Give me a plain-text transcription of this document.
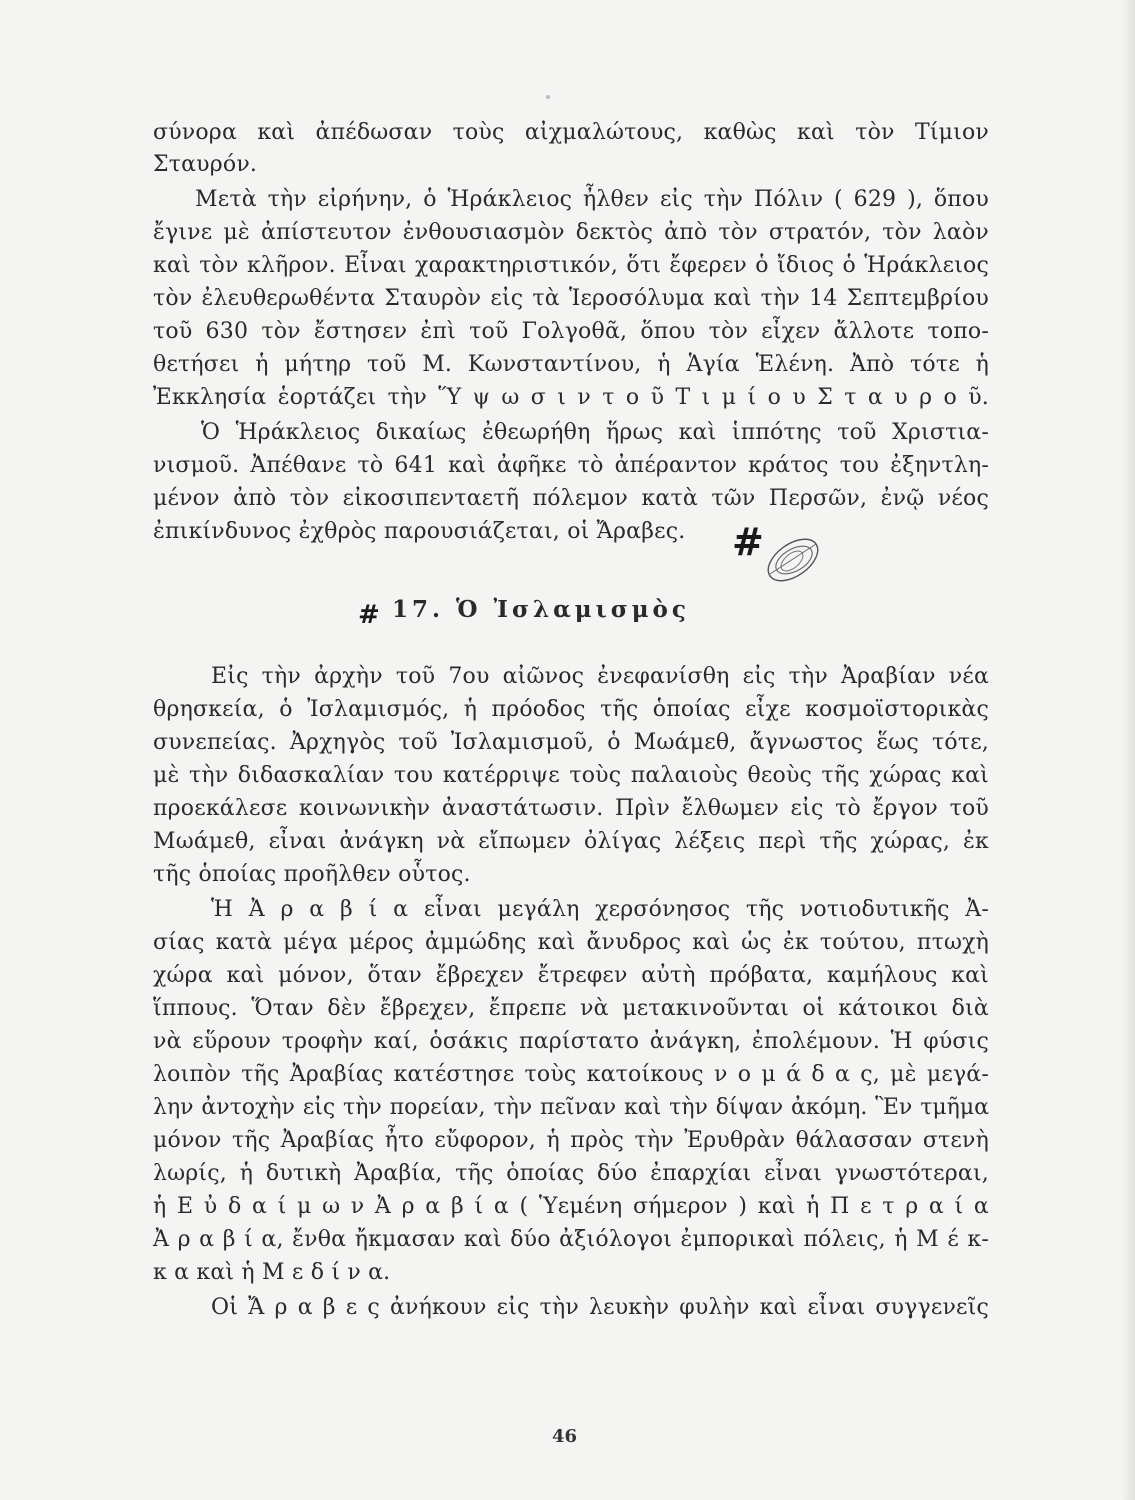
σύνορα καὶ ἀπέδωσαν τοὺς αἰχμαλώτους, καθὼς καὶ τὸν Τίμιον
Σταυρόν.
Μετὰ τὴν εἰρήνην, ὁ Ἡράκλειος ἦλθεν εἰς τὴν Πόλιν ( 629 ), ὅπου
ἔγινε μὲ ἀπίστευτον ἐνθουσιασμὸν δεκτὸς ἀπὸ τὸν στρατόν, τὸν λαὸν
καὶ τὸν κλῆρον. Εἶναι χαρακτηριστικόν, ὅτι ἔφερεν ὁ ἴδιος ὁ Ἡράκλειος
τὸν ἐλευθερωθέντα Σταυρὸν εἰς τὰ Ἱεροσόλυμα καὶ τὴν 14 Σεπτεμβρίου
τοῦ 630 τὸν ἔστησεν ἐπὶ τοῦ Γολγοθᾶ, ὅπου τὸν εἶχεν ἄλλοτε τοπο-
θετήσει ἡ μήτηρ τοῦ Μ. Κωνσταντίνου, ἡ Ἁγία Ἑλένη. Ἀπὸ τότε ἡ
Ἐκκλησία ἑορτάζει τὴν Ὕ ψ ω σ ι ν τ ο ῦ Τ ι μ ί ο υ Σ τ α υ ρ ο ῦ.
Ὁ Ἡράκλειος δικαίως ἐθεωρήθη ἥρως καὶ ἱππότης τοῦ Χριστια-
νισμοῦ. Ἀπέθανε τὸ 641 καὶ ἀφῆκε τὸ ἀπέραντον κράτος του ἐξηντλη-
μένον ἀπὸ τὸν εἰκοσιπενταετῆ πόλεμον κατὰ τῶν Περσῶν, ἐνῷ νέος
ἐπικίνδυνος ἐχθρὸς παρουσιάζεται, οἱ Ἄραβες.	#
# 17. Ὁ Ἰσλαμισμὸς
Εἰς τὴν ἀρχὴν τοῦ 7ου αἰῶνος ἐνεφανίσθη εἰς τὴν Ἀραβίαν νέα
θρησκεία, ὁ Ἰσλαμισμός, ἡ πρόοδος τῆς ὁποίας εἶχε κοσμοϊστορικὰς
συνεπείας. Ἀρχηγὸς τοῦ Ἰσλαμισμοῦ, ὁ Μωάμεθ, ἄγνωστος ἕως τότε,
μὲ τὴν διδασκαλίαν του κατέρριψε τοὺς παλαιοὺς θεοὺς τῆς χώρας καὶ
προεκάλεσε κοινωνικὴν ἀναστάτωσιν. Πρὶν ἔλθωμεν εἰς τὸ ἔργον τοῦ
Μωάμεθ, εἶναι ἀνάγκη νὰ εἴπωμεν ὀλίγας λέξεις περὶ τῆς χώρας, ἐκ
τῆς ὁποίας προῆλθεν οὗτος.
Ἡ Ἀ ρ α β ί α εἶναι μεγάλη χερσόνησος τῆς νοτιοδυτικῆς Ἀ-
σίας κατὰ μέγα μέρος ἀμμώδης καὶ ἄνυδρος καὶ ὡς ἐκ τούτου, πτωχὴ
χώρα καὶ μόνον, ὅταν ἔβρεχεν ἔτρεφεν αὐτὴ πρόβατα, καμήλους καὶ
ἵππους. Ὅταν δὲν ἔβρεχεν, ἔπρεπε νὰ μετακινοῦνται οἱ κάτοικοι διὰ
νὰ εὕρουν τροφὴν καί, ὁσάκις παρίστατο ἀνάγκη, ἐπολέμουν. Ἡ φύσις
λοιπὸν τῆς Ἀραβίας κατέστησε τοὺς κατοίκους ν ο μ ά δ α ς, μὲ μεγά-
λην ἀντοχὴν εἰς τὴν πορείαν, τὴν πεῖναν καὶ τὴν δίψαν ἀκόμη. Ἓν τμῆμα
μόνον τῆς Ἀραβίας ἦτο εὔφορον, ἡ πρὸς τὴν Ἐρυθρὰν θάλασσαν στενὴ
λωρίς, ἡ δυτικὴ Ἀραβία, τῆς ὁποίας δύο ἐπαρχίαι εἶναι γνωστότεραι,
ἡ Ε ὐ δ α ί μ ω ν Ἀ ρ α β ί α ( Ὑεμένη σήμερον ) καὶ ἡ Π ε τ ρ α ί α
Ἀ ρ α β ί α, ἔνθα ἤκμασαν καὶ δύο ἀξιόλογοι ἐμπορικαὶ πόλεις, ἡ Μ έ κ-
κ α καὶ ἡ Μ ε δ ί ν α.
Οἱ Ἄ ρ α β ε ς ἀνήκουν εἰς τὴν λευκὴν φυλὴν καὶ εἶναι συγγενεῖς
46
